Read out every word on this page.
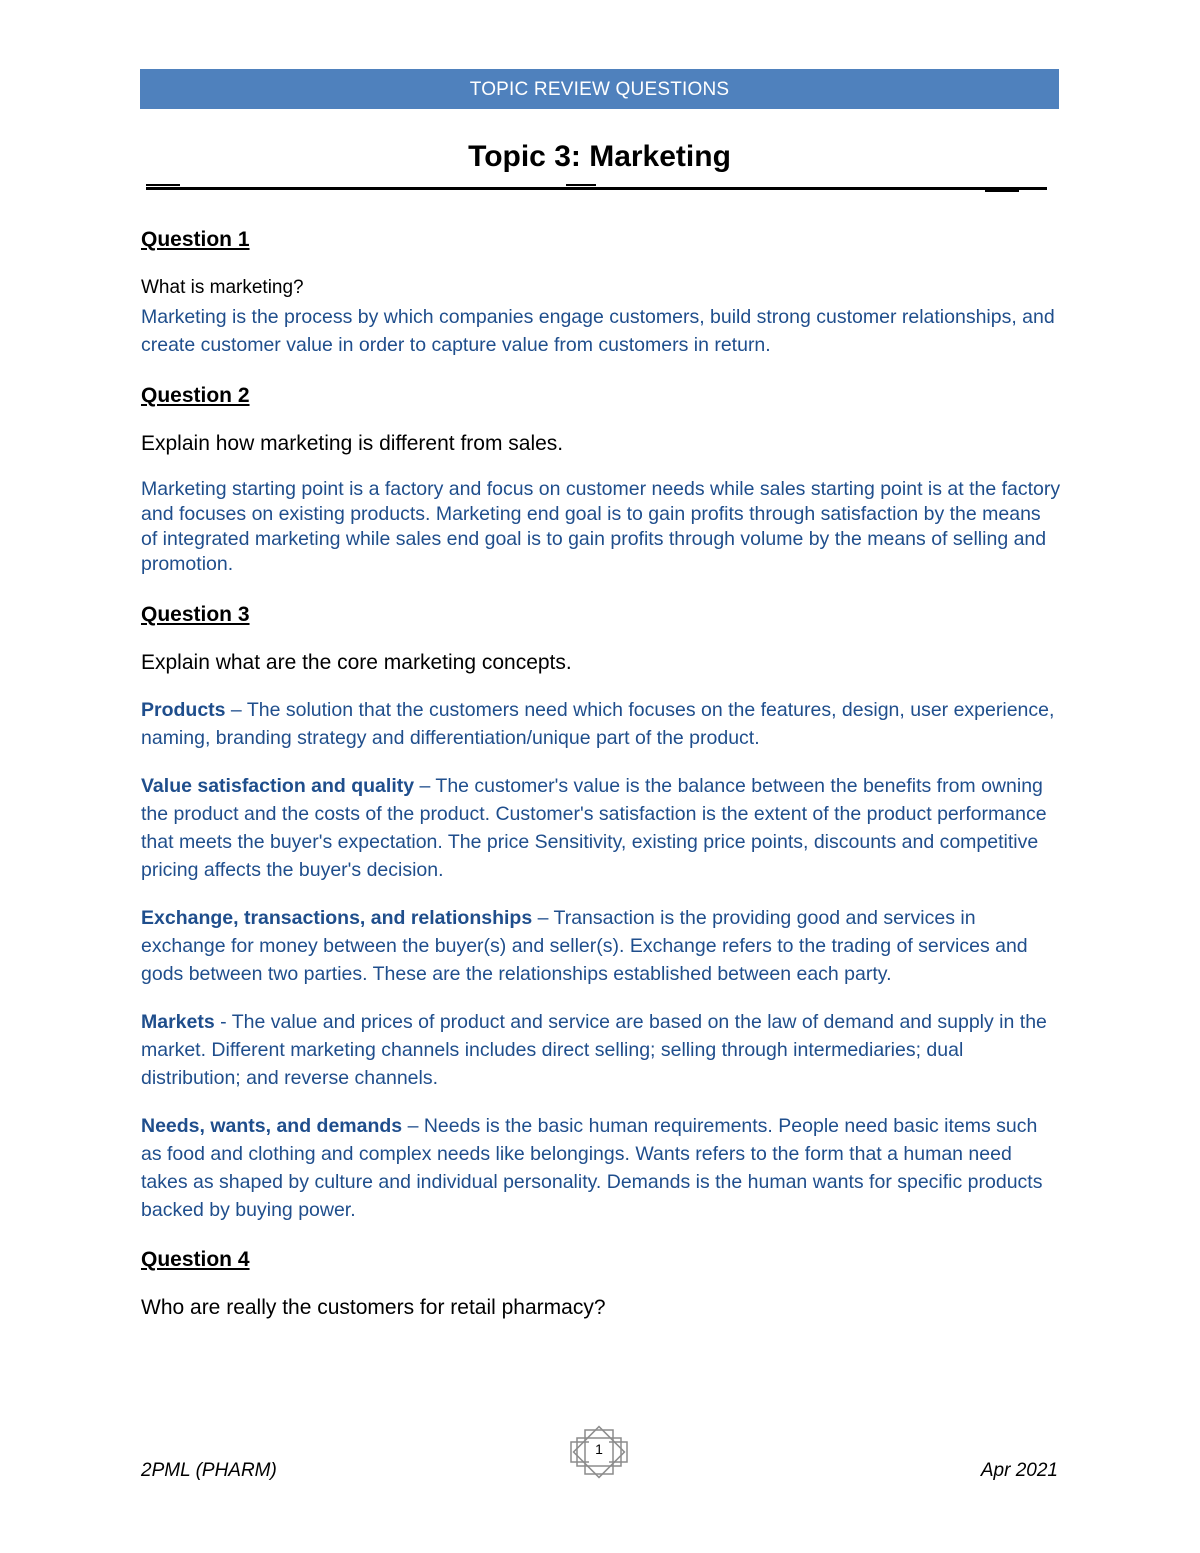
TOPIC REVIEW QUESTIONS
Topic 3: Marketing

Question 1

What is marketing?

Marketing is the process by which companies engage customers, build strong customer relationships, and create customer value in order to capture value from customers in return.

Question 2

Explain how marketing is different from sales.

Marketing starting point is a factory and focus on customer needs while sales starting point is at the factory and focuses on existing products. Marketing end goal is to gain profits through satisfaction by the means of integrated marketing while sales end goal is to gain profits through volume by the means of selling and promotion.

Question 3

Explain what are the core marketing concepts.

Products – The solution that the customers need which focuses on the features, design, user experience, naming, branding strategy and differentiation/unique part of the product.

Value satisfaction and quality – The customer's value is the balance between the benefits from owning the product and the costs of the product. Customer's satisfaction is the extent of the product performance that meets the buyer's expectation. The price Sensitivity, existing price points, discounts and competitive pricing affects the buyer's decision.

Exchange, transactions, and relationships – Transaction is the providing good and services in exchange for money between the buyer(s) and seller(s). Exchange refers to the trading of services and gods between two parties. These are the relationships established between each party.

Markets - The value and prices of product and service are based on the law of demand and supply in the market. Different marketing channels includes direct selling; selling through intermediaries; dual distribution; and reverse channels.

Needs, wants, and demands – Needs is the basic human requirements. People need basic items such as food and clothing and complex needs like belongings. Wants refers to the form that a human need takes as shaped by culture and individual personality. Demands is the human wants for specific products backed by buying power.

Question 4

Who are really the customers for retail pharmacy?

2PML (PHARM)
1
Apr 2021
